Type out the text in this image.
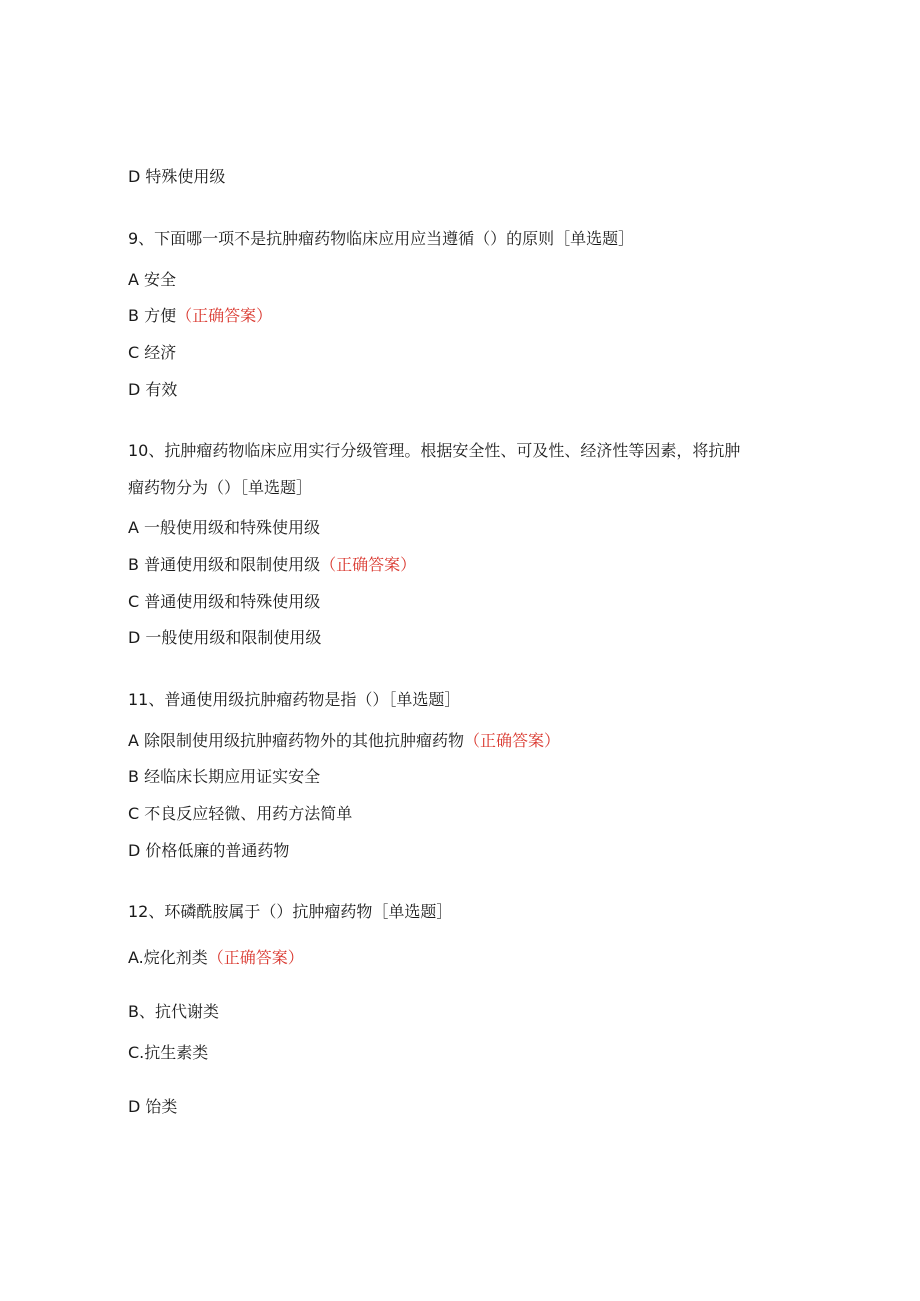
D 特殊使用级
9、下面哪一项不是抗肿瘤药物临床应用应当遵循（）的原则［单选题］
A 安全
B 方便（正确答案）
C 经济
D 有效
10、抗肿瘤药物临床应用实行分级管理。根据安全性、可及性、经济性等因素，将抗肿
瘤药物分为（）［单选题］
A 一般使用级和特殊使用级
B 普通使用级和限制使用级（正确答案）
C 普通使用级和特殊使用级
D 一般使用级和限制使用级
11、普通使用级抗肿瘤药物是指（）［单选题］
A 除限制使用级抗肿瘤药物外的其他抗肿瘤药物（正确答案）
B 经临床长期应用证实安全
C 不良反应轻微、用药方法简单
D 价格低廉的普通药物
12、环磷酰胺属于（）抗肿瘤药物［单选题］
A.烷化剂类（正确答案）
B、抗代谢类
C.抗生素类
D 饴类
